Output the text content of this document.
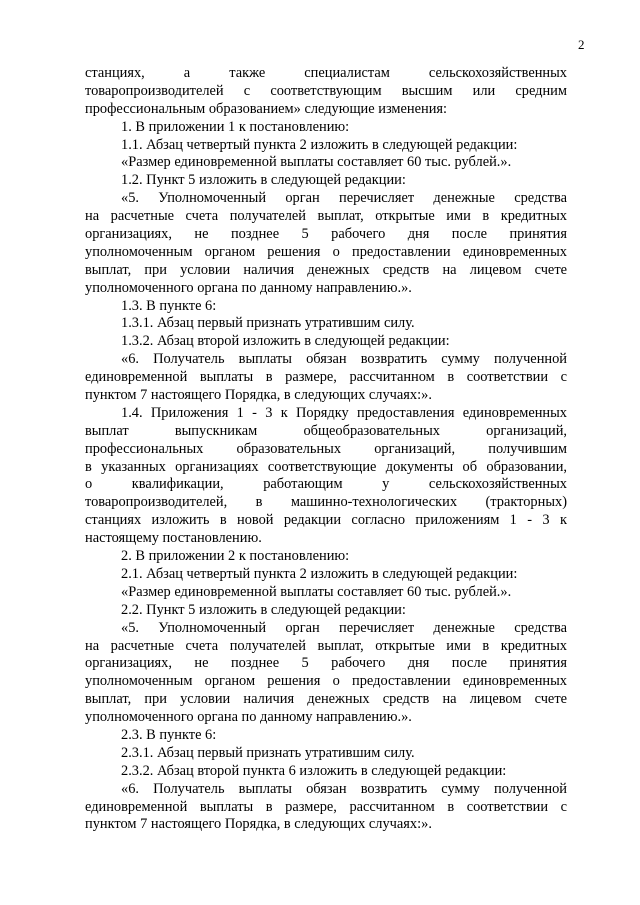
2
станциях, а также специалистам сельскохозяйственных
товаропроизводителей с соответствующим высшим или средним
профессиональным образованием» следующие изменения:
1. В приложении 1 к постановлению:
1.1. Абзац четвертый пункта 2 изложить в следующей редакции:
«Размер единовременной выплаты составляет 60 тыс. рублей.».
1.2. Пункт 5 изложить в следующей редакции:
«5. Уполномоченный орган перечисляет денежные средства
на расчетные счета получателей выплат, открытые ими в кредитных
организациях, не позднее 5 рабочего дня после принятия
уполномоченным органом решения о предоставлении единовременных
выплат, при условии наличия денежных средств на лицевом счете
уполномоченного органа по данному направлению.».
1.3. В пункте 6:
1.3.1. Абзац первый признать утратившим силу.
1.3.2. Абзац второй изложить в следующей редакции:
«6. Получатель выплаты обязан возвратить сумму полученной
единовременной выплаты в размере, рассчитанном в соответствии с
пунктом 7 настоящего Порядка, в следующих случаях:».
1.4. Приложения 1 - 3 к Порядку предоставления единовременных
выплат выпускникам общеобразовательных организаций,
профессиональных образовательных организаций, получившим
в указанных организациях соответствующие документы об образовании,
о квалификации, работающим у сельскохозяйственных
товаропроизводителей, в машинно-технологических (тракторных)
станциях изложить в новой редакции согласно приложениям 1 - 3 к
настоящему постановлению.
2. В приложении 2 к постановлению:
2.1. Абзац четвертый пункта 2 изложить в следующей редакции:
«Размер единовременной выплаты составляет 60 тыс. рублей.».
2.2. Пункт 5 изложить в следующей редакции:
«5. Уполномоченный орган перечисляет денежные средства
на расчетные счета получателей выплат, открытые ими в кредитных
организациях, не позднее 5 рабочего дня после принятия
уполномоченным органом решения о предоставлении единовременных
выплат, при условии наличия денежных средств на лицевом счете
уполномоченного органа по данному направлению.».
2.3. В пункте 6:
2.3.1. Абзац первый признать утратившим силу.
2.3.2. Абзац второй пункта 6 изложить в следующей редакции:
«6. Получатель выплаты обязан возвратить сумму полученной
единовременной выплаты в размере, рассчитанном в соответствии с
пунктом 7 настоящего Порядка, в следующих случаях:».
